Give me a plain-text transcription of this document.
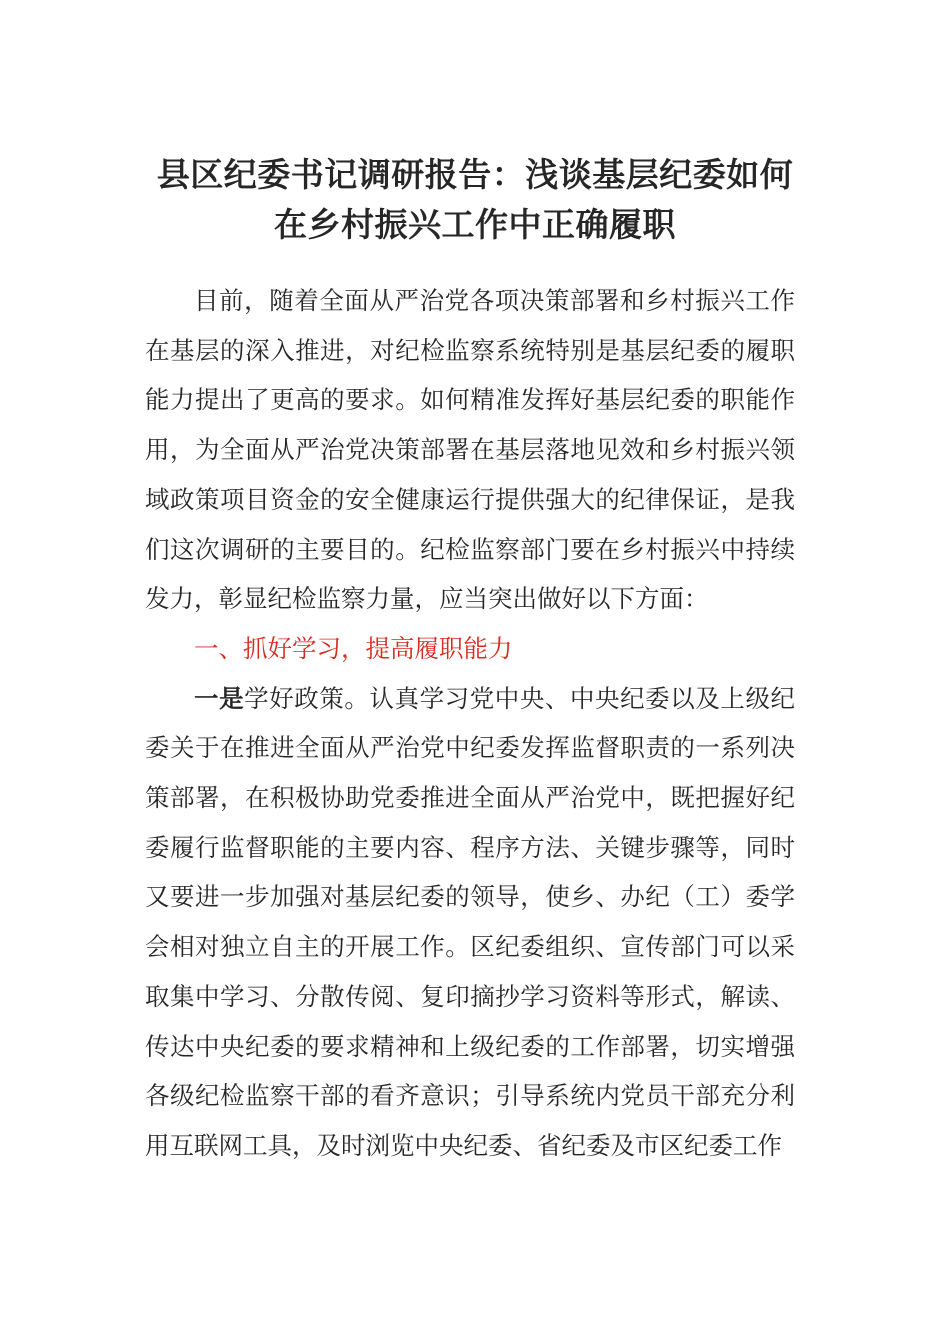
县区纪委书记调研报告：浅谈基层纪委如何
在乡村振兴工作中正确履职

目前，随着全面从严治党各项决策部署和乡村振兴工作在基层的深入推进，对纪检监察系统特别是基层纪委的履职能力提出了更高的要求。如何精准发挥好基层纪委的职能作用，为全面从严治党决策部署在基层落地见效和乡村振兴领域政策项目资金的安全健康运行提供强大的纪律保证，是我们这次调研的主要目的。纪检监察部门要在乡村振兴中持续发力，彰显纪检监察力量，应当突出做好以下方面：

一、抓好学习，提高履职能力

一是学好政策。认真学习党中央、中央纪委以及上级纪委关于在推进全面从严治党中纪委发挥监督职责的一系列决策部署，在积极协助党委推进全面从严治党中，既把握好纪委履行监督职能的主要内容、程序方法、关键步骤等，同时又要进一步加强对基层纪委的领导，使乡、办纪（工）委学会相对独立自主的开展工作。区纪委组织、宣传部门可以采取集中学习、分散传阅、复印摘抄学习资料等形式，解读、传达中央纪委的要求精神和上级纪委的工作部署，切实增强各级纪检监察干部的看齐意识；引导系统内党员干部充分利用互联网工具，及时浏览中央纪委、省纪委及市区纪委工作
